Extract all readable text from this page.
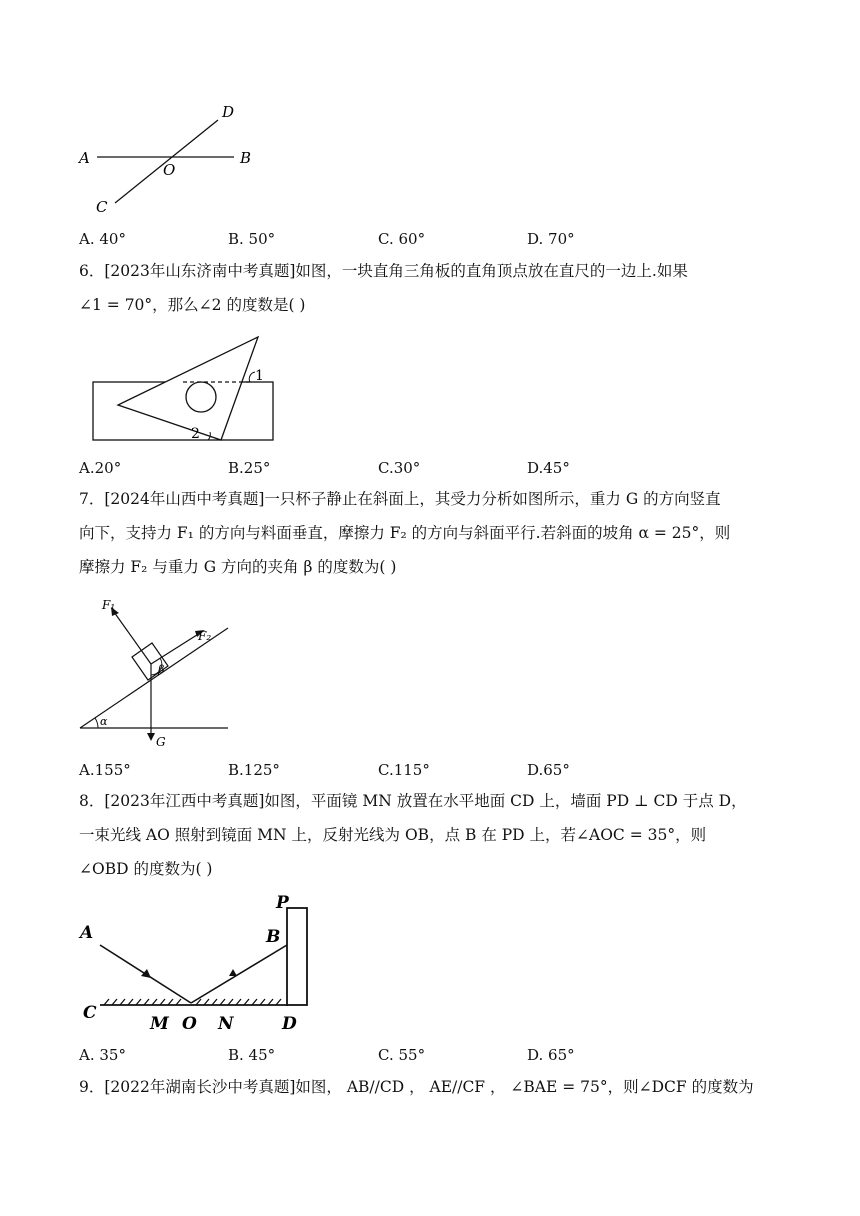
A	B
C
D
O
A. 40°	B. 50°	C. 60°	D. 70°
6．[2023年山东济南中考真题]如图，一块直角三角板的直角顶点放在直尺的一边上.如果
∠1 = 70°，那么∠2 的度数是( )
1
2
A.20°	B.25°	C.30°	D.45°
7．[2024年山西中考真题]一只杯子静止在斜面上，其受力分析如图所示，重力 G 的方向竖直
向下，支持力 F₁ 的方向与料面垂直，摩擦力 F₂ 的方向与斜面平行.若斜面的坡角 α = 25°，则
摩擦力 F₂ 与重力 G 方向的夹角 β 的度数为( )
F₁
F₂
β
α
G
A.155°	B.125°	C.115°	D.65°
8．[2023年江西中考真题]如图，平面镜 MN 放置在水平地面 CD 上，墙面 PD ⊥ CD 于点 D，
一束光线 AO 照射到镜面 MN 上，反射光线为 OB，点 B 在 PD 上，若∠AOC = 35°，则
∠OBD 的度数为( )
A	B
P
C
M O N	D
A. 35°	B. 45°	C. 55°	D. 65°
9．[2022年湖南长沙中考真题]如图， AB//CD ， AE//CF ， ∠BAE = 75°，则∠DCF 的度数为
